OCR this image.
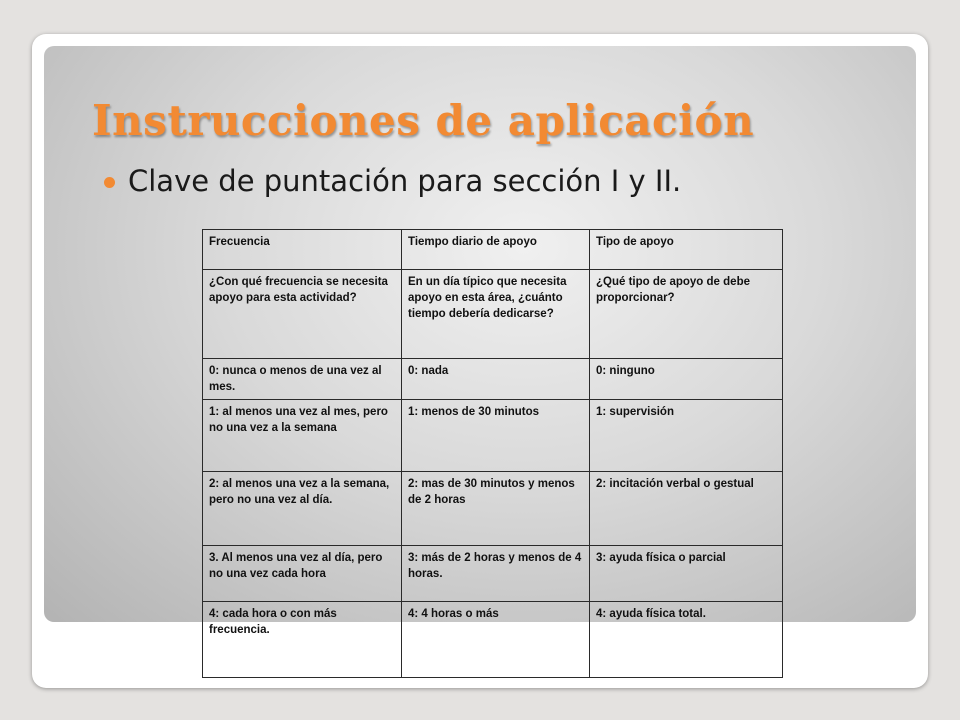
Instrucciones de aplicación
Clave de puntación para sección I y II.
Frecuencia	Tiempo diario de apoyo	Tipo de apoyo
¿Con qué frecuencia se necesita apoyo para esta actividad?	En un día típico que necesita apoyo en esta área, ¿cuánto tiempo debería dedicarse?	¿Qué tipo de apoyo de debe proporcionar?
0: nunca o menos de una vez al mes.	0: nada	0: ninguno
1: al menos una vez al mes, pero no una vez a la semana	1: menos de 30 minutos	1: supervisión
2: al menos una vez a la semana, pero no una vez al día.	2: mas de 30 minutos y menos de 2 horas	2: incitación verbal o gestual
3. Al menos una vez al día, pero no una vez cada hora	3: más de 2 horas y menos de 4 horas.	3: ayuda física o parcial
4: cada hora o con más frecuencia.	4: 4 horas o más	4: ayuda física total.
